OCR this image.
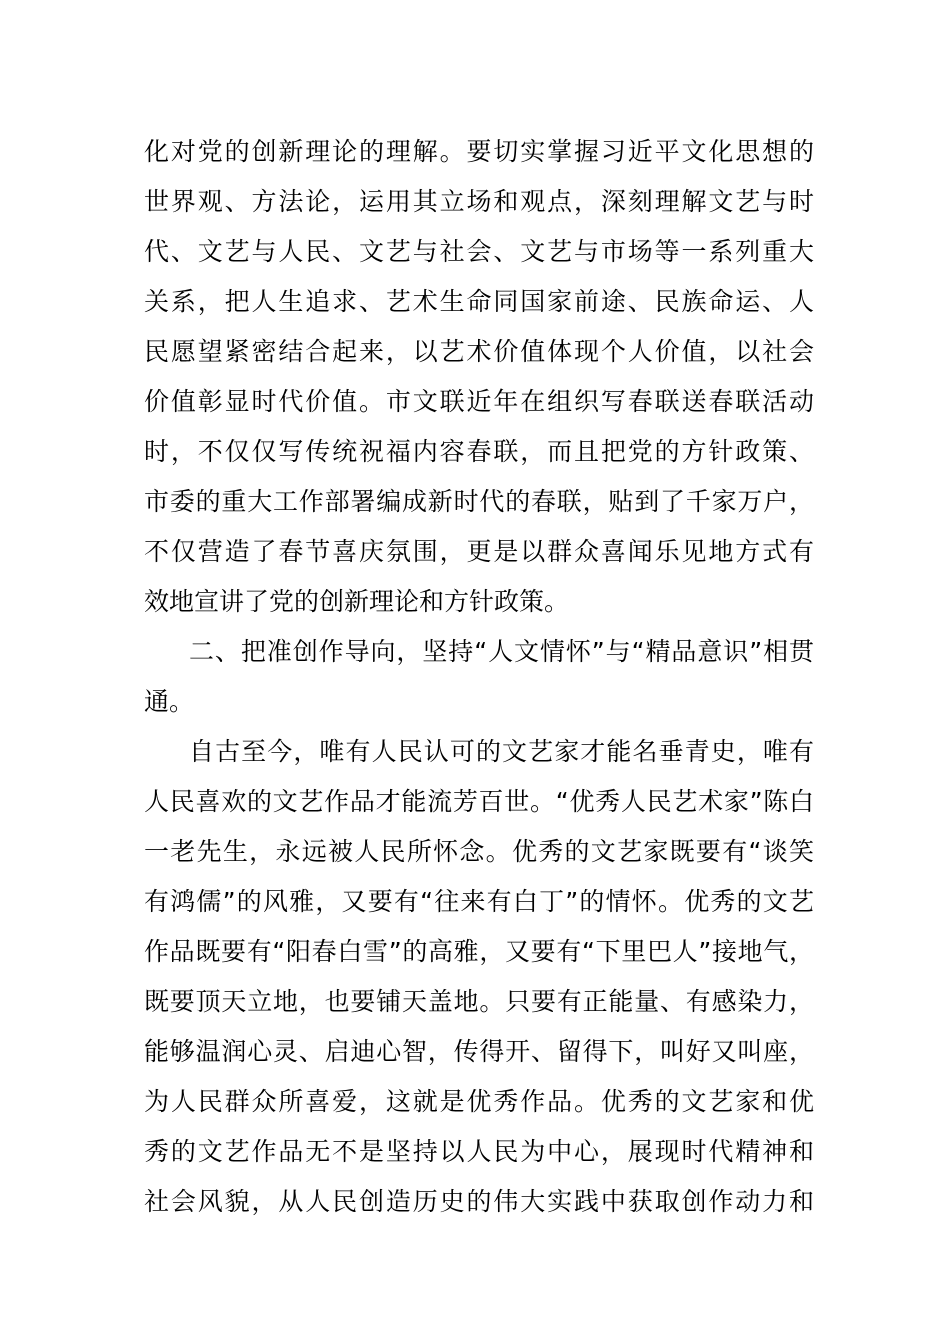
化对党的创新理论的理解。要切实掌握习近平文化思想的
世界观、方法论，运用其立场和观点，深刻理解文艺与时
代、文艺与人民、文艺与社会、文艺与市场等一系列重大
关系，把人生追求、艺术生命同国家前途、民族命运、人
民愿望紧密结合起来，以艺术价值体现个人价值，以社会
价值彰显时代价值。市文联近年在组织写春联送春联活动
时，不仅仅写传统祝福内容春联，而且把党的方针政策、
市委的重大工作部署编成新时代的春联，贴到了千家万户，
不仅营造了春节喜庆氛围，更是以群众喜闻乐见地方式有
效地宣讲了党的创新理论和方针政策。
二、把准创作导向，坚持“人文情怀”与“精品意识”相贯
通。
自古至今，唯有人民认可的文艺家才能名垂青史，唯有
人民喜欢的文艺作品才能流芳百世。“优秀人民艺术家”陈白
一老先生，永远被人民所怀念。优秀的文艺家既要有“谈笑
有鸿儒”的风雅，又要有“往来有白丁”的情怀。优秀的文艺
作品既要有“阳春白雪”的高雅，又要有“下里巴人”接地气，
既要顶天立地，也要铺天盖地。只要有正能量、有感染力，
能够温润心灵、启迪心智，传得开、留得下，叫好又叫座，
为人民群众所喜爱，这就是优秀作品。优秀的文艺家和优
秀的文艺作品无不是坚持以人民为中心，展现时代精神和
社会风貌，从人民创造历史的伟大实践中获取创作动力和
